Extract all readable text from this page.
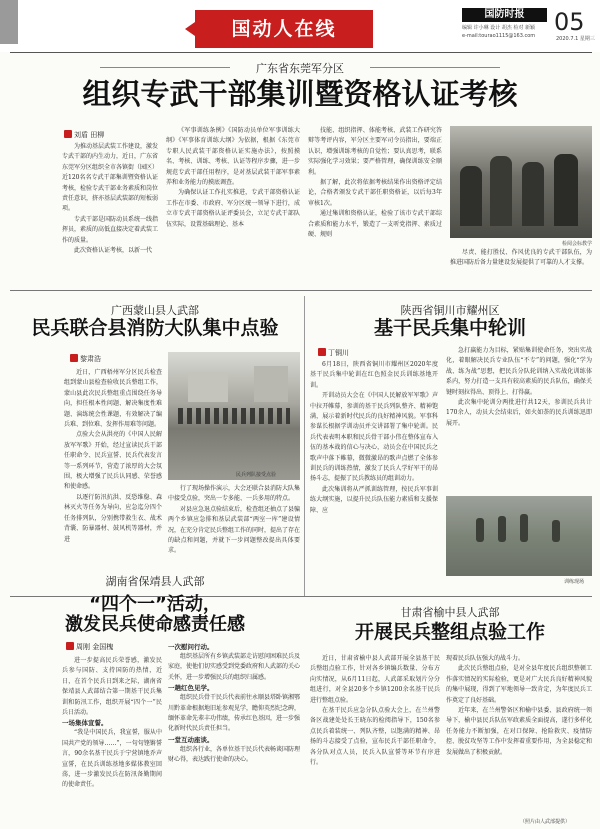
国动人在线
国防时报	05
编辑 许小琳 设计 胡杰 检对 新颖
e-mail:tourao1115@163.com	2020.7.1 星期三
广东省东莞军分区
组织专武干部集训暨资格认证考核
刘盾 田柳

为推动基层武装工作建设，激发专武干部的内生动力，近日，广东省东莞军分区组织全市各镇街（园区）近120名名专武干部集训暨资格认证考核，检验专武干部业务素质和岗位责任意识，挤亦基层武装部的短板弱项。

专武干部是国防动员系统一线指挥员，素质的高低直接决定着武装工作的质量。

此次资格认证考核，以新一代

《军事训练条例》《国防动员单位军事训练大纲》《军事体育训练大纲》为依据，根据《东莞市专职人民武装干部资格认证实施办法》，按照摸名、考核、训练、考核、认证等程序步骤，进一步规范专武干部任用程序，是对基层武装干部军事素养和业务能力的摸底调查。

为确保认证工作扎实推进，专武干部资格认证工作在市委、市政府、军分区统一领导下进行，成立市专武干部资格认证评委员会，立足专武干部队伍实际，设置基础理论、基本

技能、组织指挥、体能考核、武装工作研究答辩等考评内容，军分区主要军司令员指出，要端正认识，增强训练考核的自觉性；要认真思考，联系实际强化学习效果；要严格管理，确保训练安全顺利。

据了解，此次将依据考核结果作出资格评定结论，合格者颁发专武干部任职资格证，以后每3年审核1次。

通过集训和资格认证，检验了该市专武干部综合素质和能力水平，锻造了一支听党指挥、素质过硬、规则

检阅会标教学

尽责、能打胜仗、作风优良的专武干部队伍，为推进国防后备力量建设发展提供了可靠的人才支撑。

广西蒙山县人武部
民兵联合县消防大队集中点验
黎肃浩
民兵列队接受点验

近日，广西梧州军分区民兵检查组到蒙山县检查验收民兵整组工作，蒙山县此次民兵整组重点围绕任务导向，担任根本性问题、解决集度性难题、演练统会性课题，有效解决了编兵难、到位难、发挥作用难等问题。

点验大会从洪亮的《中国人民解放军军歌》开始，经过宣读民兵干部任职命令、民兵宣誓、民兵代表发言等一系列环节，营造了浓厚的大会氛围，极大增强了民兵认同感、荣誉感和使命感。

以逐行防汛抗洪、反恐维稳、森林灭火等任务为导向，应急迄分四个任务排列队，分别携带救生衣、战术背囊、防暴器材、鼓风机等器材，并进

行了现场操作演示，大会还联合县消防大队集中接受点验，突出一专多能、一兵多用的特点。

对县应急退点验结束后，检查组还抽点了县骗两个乡镇应急排和基层武装部“两室一库”建设情况，在充分肯定民兵整组工作的同时，提出了存在的缺点和问题，并就下一步问题整改提出具体要求。

陕西省铜川市耀州区
基干民兵集中轮训
丁铜川

6月18日，陕西省铜川市耀州区2020年度基干民兵集中轮训在红色照金民兵训练基地开训。

开训动员大会在《中国人民解放军军歌》声中拉开帷幕，参训的基干民兵列队整齐、精神饱满，展示着新时代民兵的良好精神风貌。军事科参谋长根据学训动员并交讲部署了集中轮训。民兵代表表明本职和民兵骨干部小伟在整体宣布入伍的基本战的信心与决心，动员会在中国民兵之歌声中落下帷幕，微微激昂的歌声点燃了全体参训民兵的训练热情，激发了民兵人学好军干的昂扬斗志，提振了民兵教练员的组训动力。

此次集训将从严抓训练管理，按民兵军事训练大纲实施，以提升民兵队伍能力素质和支援保障、应

急打赢能力为目标，紧贴集训使命任务，突出实战化，着眼解决民兵专业队伍“不专”的问题，强化“学为战、练为战”思想，把民兵分队轮训纳入实战化训练体系内，努力打造一支具有较高素质的民兵队伍，确保关键时刻拉得出、顶得上、打得赢。

此次集中轮训分两批进行共12天，参训民兵共计170余人，动员大会结束后，如火如荼的民兵训练迅即展开。

训练现场
湖南省保靖县人武部
“四个一”活动，
激发民兵使命感责任感
周刚 金国槐

进一步提高民兵荣誉感，激发民兵参与国防、支持国防的热情，近日，在首个民兵日到来之际，湖南省保靖县人武部结合第一期基干民兵集训和防汛工作，组织开展“四个一”民兵日活动。

一场集体宣誓。

“我是中国民兵，我宣誓，服从中国共产党的领导……”，一句句铿锵誓言，90余名基干民兵于宁营镇地乔声宣誓，在民兵训练基地多媒体教室回荡，进一步激发民兵在防汛备勤期间的使命责任。

一次慰问行动。

组织基层所有乡镇武装部走访慰问困难民兵及家庭，使他们切实感受到党委政府和人武部的关心关怀，进一步增强民兵的组织归属感。

一趟红色见学。

组织民兵骨干民兵代表前往永顺县塔卧镇湘鄂川黔革命根据地旧址参观见学，瞻仰英烈纪念碑，缅怀革命先辈丰功伟绩，传承红色基因，进一步强化新时代民兵责任担当。

一堂互动座谈。

组织各行业，各单位基干民兵代表畅谈国防理财心得，表达践行使命的决心。

甘肃省榆中县人武部
开展民兵整组点验工作

近日，甘肃省榆中县人武部开展全县基干民兵整组点验工作，针对各乡镇编兵数量、分布方向实情况，从6月11日起，人武部采取划片分分组进行，对全县20多个乡镇1200余名基干民兵进行整组点验。

在基干民兵应急分队点验大会上，在兰州警备区战建处处长王晓东的检阅指导下，150名参点民兵着装统一、列队齐整，以饱满的精神、昂扬的斗志接受了点验，宣布民兵干部任职命令，各分队对点人员，民兵入队宣誓等环节有序进行。

现着民兵队伍强大的战斗力。

此次民兵整组点验，是对全县年度民兵组织整顿工作落实情况的实际检验，更是对广大民兵良好精神风貌的集中展现，得到了军地领导一致肯定，为年度民兵工作奠定了良好基础。

近年来，在兰州警备区和榆中县委、县政府统一领导下，榆中县民兵队伍军政素质全面提高，遂行多样化任务能力不断加强，在对口保障、抢险救灾、疫情防控、脱贫攻坚等工作中发挥着重要作用，为全县稳定和发展做出了积极贡献。

（照片由人武部提供）
